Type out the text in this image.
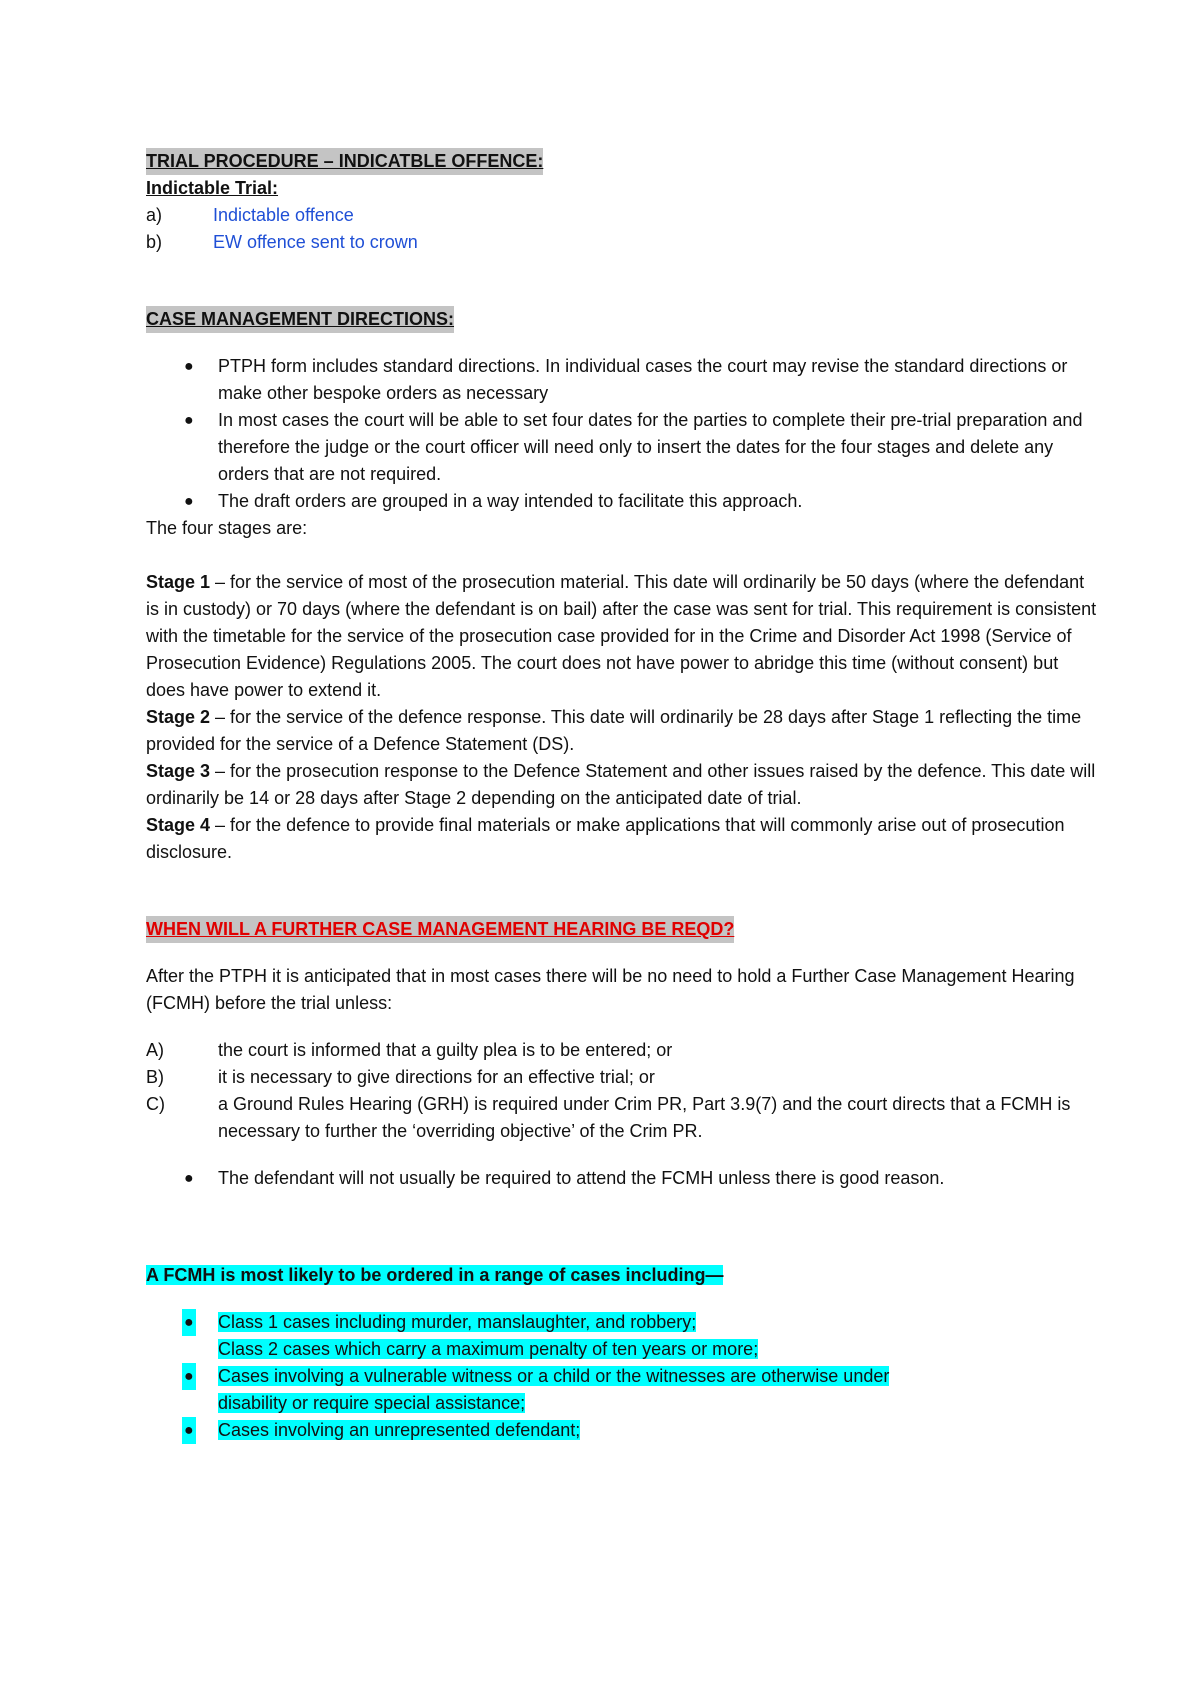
TRIAL PROCEDURE – INDICATBLE OFFENCE:
Indictable Trial:
a)	Indictable offence
b)	EW offence sent to crown
CASE MANAGEMENT DIRECTIONS:
● PTPH form includes standard directions. In individual cases the court may revise the standard directions or make other bespoke orders as necessary
● In most cases the court will be able to set four dates for the parties to complete their pre-trial preparation and therefore the judge or the court officer will need only to insert the dates for the four stages and delete any orders that are not required.
● The draft orders are grouped in a way intended to facilitate this approach.

The four stages are:

Stage 1 – for the service of most of the prosecution material. This date will ordinarily be 50 days (where the defendant is in custody) or 70 days (where the defendant is on bail) after the case was sent for trial. This requirement is consistent with the timetable for the service of the prosecution case provided for in the Crime and Disorder Act 1998 (Service of Prosecution Evidence) Regulations 2005. The court does not have power to abridge this time (without consent) but does have power to extend it.

Stage 2 – for the service of the defence response. This date will ordinarily be 28 days after Stage 1 reflecting the time provided for the service of a Defence Statement (DS).

Stage 3 – for the prosecution response to the Defence Statement and other issues raised by the defence. This date will ordinarily be 14 or 28 days after Stage 2 depending on the anticipated date of trial.

Stage 4 – for the defence to provide final materials or make applications that will commonly arise out of prosecution disclosure.

WHEN WILL A FURTHER CASE MANAGEMENT HEARING BE REQD?

After the PTPH it is anticipated that in most cases there will be no need to hold a Further Case Management Hearing (FCMH) before the trial unless:

A)	the court is informed that a guilty plea is to be entered; or
B)	it is necessary to give directions for an effective trial; or
C)	a Ground Rules Hearing (GRH) is required under Crim PR, Part 3.9(7) and the court directs that a FCMH is necessary to further the ‘overriding objective’ of the Crim PR.
● The defendant will not usually be required to attend the FCMH unless there is good reason.
A FCMH is most likely to be ordered in a range of cases including—
● Class 1 cases including murder, manslaughter, and robbery;
Class 2 cases which carry a maximum penalty of ten years or more;
● Cases involving a vulnerable witness or a child or the witnesses are otherwise under
disability or require special assistance;
● Cases involving an unrepresented defendant;
